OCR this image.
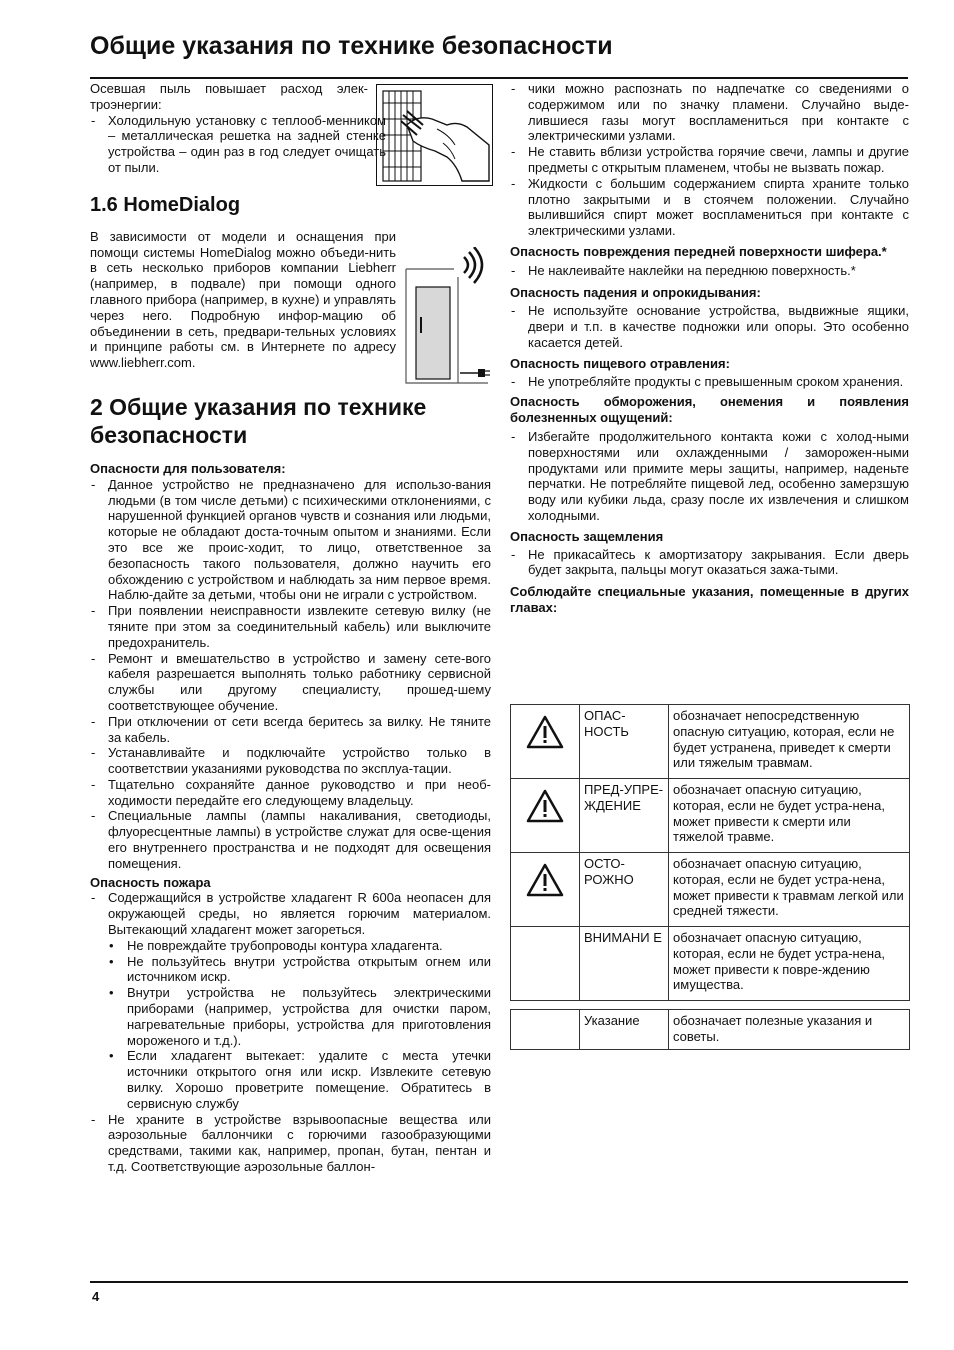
Общие указания по технике безопасности

Осевшая пыль повышает расход элек-троэнергии:

- Холодильную установку с теплооб-менником – металлическая решетка на задней стенке устройства – один раз в год следует очищать от пыли.
1.6 HomeDialog

В зависимости от модели и оснащения при помощи системы HomeDialog можно объеди-нить в сеть несколько приборов компании Liebherr (например, в подвале) при помощи одного главного прибора (например, в кухне) и управлять через него. Подробную инфор-мацию об объединении в сеть, предвари-тельных условиях и принципе работы см. в Интернете по адресу www.liebherr.com.

2 Общие указания по технике безопасности
Опасности для пользователя:
- Данное устройство не предназначено для использо-вания людьми (в том числе детьми) с психическими отклонениями, с нарушенной функцией органов чувств и сознания или людьми, которые не обладают доста-точным опытом и знаниями. Если это все же проис-ходит, то лицо, ответственное за безопасность такого пользователя, должно научить его обхождению с устройством и наблюдать за ним первое время. Наблю-дайте за детьми, чтобы они не играли с устройством.
- При появлении неисправности извлеките сетевую вилку (не тяните при этом за соединительный кабель) или выключите предохранитель.
- Ремонт и вмешательство в устройство и замену сете-вого кабеля разрешается выполнять только работнику сервисной службы или другому специалисту, прошед-шему соответствующее обучение.
- При отключении от сети всегда беритесь за вилку. Не тяните за кабель.
- Устанавливайте и подключайте устройство только в соответствии указаниями руководства по эксплуа-тации.
- Тщательно сохраняйте данное руководство и при необ-ходимости передайте его следующему владельцу.
- Специальные лампы (лампы накаливания, светодиоды, флуоресцентные лампы) в устройстве служат для осве-щения его внутреннего пространства и не подходят для освещения помещения.
Опасность пожара
- Содержащийся в устройстве хладагент R 600a неопасен для окружающей среды, но является горючим материалом. Вытекающий хладагент может загореться.
• Не повреждайте трубопроводы контура хладагента.
• Не пользуйтесь внутри устройства открытым огнем или источником искр.
• Внутри устройства не пользуйтесь электрическими приборами (например, устройства для очистки паром, нагревательные приборы, устройства для приготовления мороженого и т.д.).
• Если хладагент вытекает: удалите с места утечки источники открытого огня или искр. Извлеките сетевую вилку. Хорошо проветрите помещение. Обратитесь в сервисную службу
- Не храните в устройстве взрывоопасные вещества или аэрозольные баллончики с горючими газообразующими средствами, такими как, например, пропан, бутан, пентан и т.д. Соответствующие аэрозольные баллон-
- чики можно распознать по надпечатке со сведениями о содержимом или по значку пламени. Случайно выде-лившиеся газы могут воспламениться при контакте с электрическими узлами.
- Не ставить вблизи устройства горячие свечи, лампы и другие предметы с открытым пламенем, чтобы не вызвать пожар.
- Жидкости с большим содержанием спирта храните только плотно закрытыми и в стоячем положении. Случайно вылившийся спирт может воспламениться при контакте с электрическими узлами.
Опасность повреждения передней поверхности шифера.*
- Не наклеивайте наклейки на переднюю поверхность.*
Опасность падения и опрокидывания:
- Не используйте основание устройства, выдвижные ящики, двери и т.п. в качестве подножки или опоры. Это особенно касается детей.
Опасность пищевого отравления:
- Не употребляйте продукты с превышенным сроком хранения.
Опасность обморожения, онемения и появления болезненных ощущений:
- Избегайте продолжительного контакта кожи с холод-ными поверхностями или охлажденными / заморожен-ными продуктами или примите меры защиты, например, наденьте перчатки. Не потребляйте пищевой лед, особенно замерзшую воду или кубики льда, сразу после их извлечения и слишком холодными.
Опасность защемления
- Не прикасайтесь к амортизатору закрывания. Если дверь будет закрыта, пальцы могут оказаться зажа-тыми.
Соблюдайте специальные указания, помещенные в других главах:
	ОПАС-НОСТЬ	обозначает непосредственную опасную ситуацию, которая, если не будет устранена, приведет к смерти или тяжелым травмам.
	ПРЕД-УПРЕ-ЖДЕНИЕ	обозначает опасную ситуацию, которая, если не будет устра-нена, может привести к смерти или тяжелой травме.
	ОСТО-РОЖНО	обозначает опасную ситуацию, которая, если не будет устра-нена, может привести к травмам легкой или средней тяжести.
	ВНИМАНИ Е	обозначает опасную ситуацию, которая, если не будет устра-нена, может привести к повре-ждению имущества.
	Указание	обозначает полезные указания и советы.
4
